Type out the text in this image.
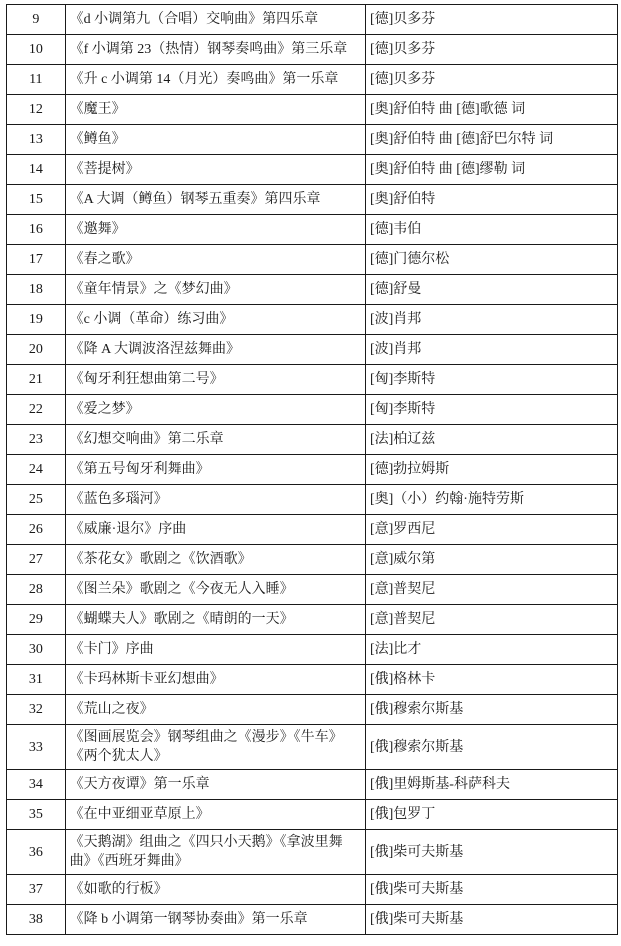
9	《d 小调第九（合唱）交响曲》第四乐章	[德]贝多芬
10	《f 小调第 23（热情）钢琴奏鸣曲》第三乐章	[德]贝多芬
11	《升 c 小调第 14（月光）奏鸣曲》第一乐章	[德]贝多芬
12	《魔王》	[奥]舒伯特 曲 [德]歌德 词
13	《鳟鱼》	[奥]舒伯特 曲 [德]舒巴尔特 词
14	《菩提树》	[奥]舒伯特 曲 [德]缪勒 词
15	《A 大调（鳟鱼）钢琴五重奏》第四乐章	[奥]舒伯特
16	《邀舞》	[德]韦伯
17	《春之歌》	[德]门德尔松
18	《童年情景》之《梦幻曲》	[德]舒曼
19	《c 小调（革命）练习曲》	[波]肖邦
20	《降 A 大调波洛涅兹舞曲》	[波]肖邦
21	《匈牙利狂想曲第二号》	[匈]李斯特
22	《爱之梦》	[匈]李斯特
23	《幻想交响曲》第二乐章	[法]柏辽兹
24	《第五号匈牙利舞曲》	[德]勃拉姆斯
25	《蓝色多瑙河》	[奥]（小）约翰·施特劳斯
26	《威廉·退尔》序曲	[意]罗西尼
27	《茶花女》歌剧之《饮酒歌》	[意]威尔第
28	《图兰朵》歌剧之《今夜无人入睡》	[意]普契尼
29	《蝴蝶夫人》歌剧之《晴朗的一天》	[意]普契尼
30	《卡门》序曲	[法]比才
31	《卡玛林斯卡亚幻想曲》	[俄]格林卡
32	《荒山之夜》	[俄]穆索尔斯基
33	《图画展览会》钢琴组曲之《漫步》《牛车》《两个犹太人》	[俄]穆索尔斯基
34	《天方夜谭》第一乐章	[俄]里姆斯基-科萨科夫
35	《在中亚细亚草原上》	[俄]包罗丁
36	《天鹅湖》组曲之《四只小天鹅》《拿波里舞曲》《西班牙舞曲》	[俄]柴可夫斯基
37	《如歌的行板》	[俄]柴可夫斯基
38	《降 b 小调第一钢琴协奏曲》第一乐章	[俄]柴可夫斯基
